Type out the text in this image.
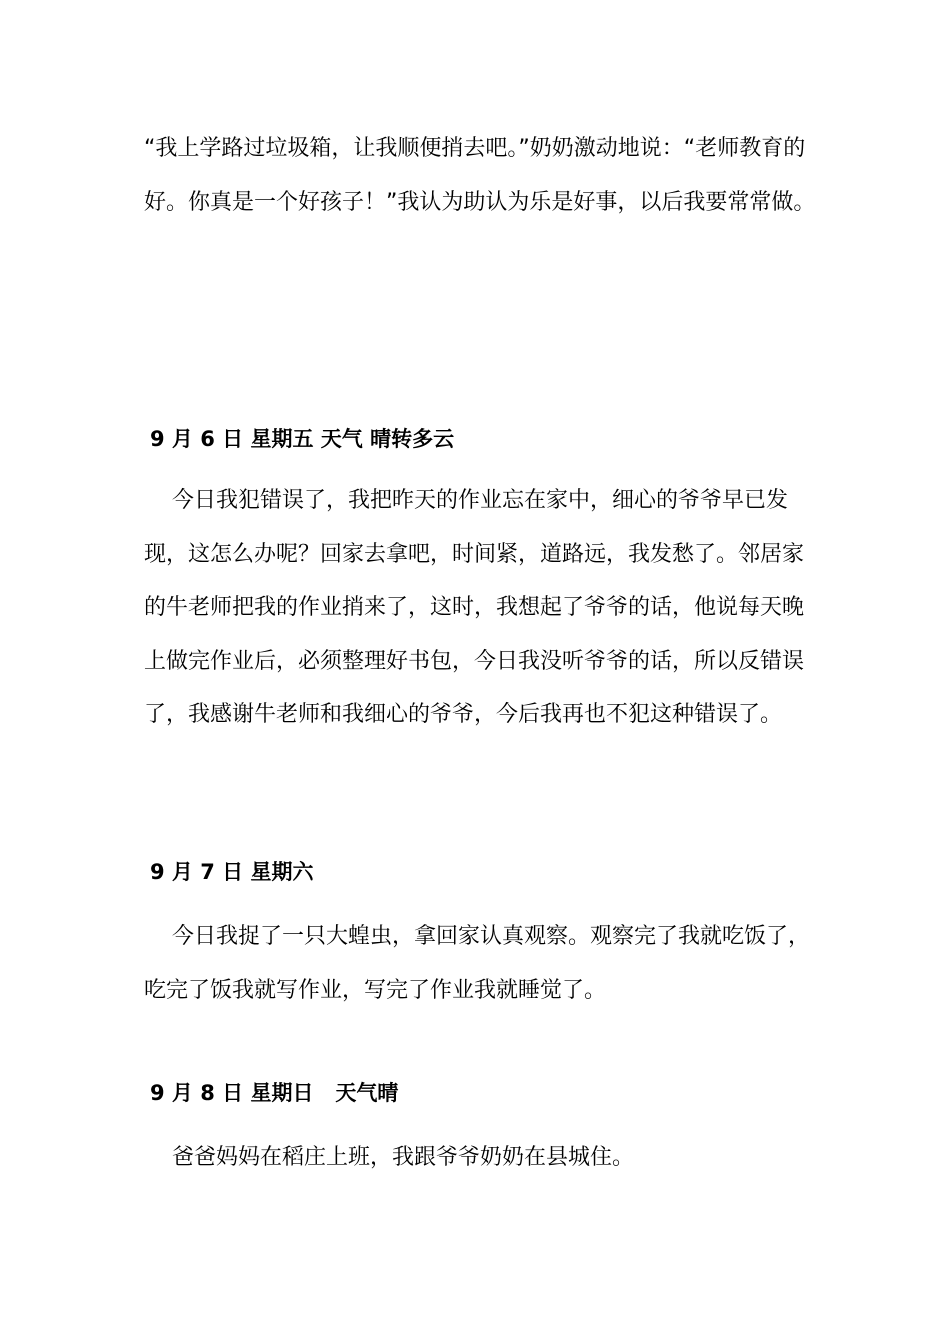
“我上学路过垃圾箱，让我顺便捎去吧。”奶奶激动地说：“老师教育的好。你真是一个好孩子！”我认为助认为乐是好事，以后我要常常做。

9 月 6 日 星期五 天气 晴转多云

今日我犯错误了，我把昨天的作业忘在家中，细心的爷爷早已发现，这怎么办呢？回家去拿吧，时间紧，道路远，我发愁了。邻居家的牛老师把我的作业捎来了，这时，我想起了爷爷的话，他说每天晚上做完作业后，必须整理好书包，今日我没听爷爷的话，所以反错误了，我感谢牛老师和我细心的爷爷，今后我再也不犯这种错误了。

9 月 7 日 星期六

今日我捉了一只大蝗虫，拿回家认真观察。观察完了我就吃饭了，吃完了饭我就写作业，写完了作业我就睡觉了。

9 月 8 日 星期日   天气晴

爸爸妈妈在稻庄上班，我跟爷爷奶奶在县城住。
